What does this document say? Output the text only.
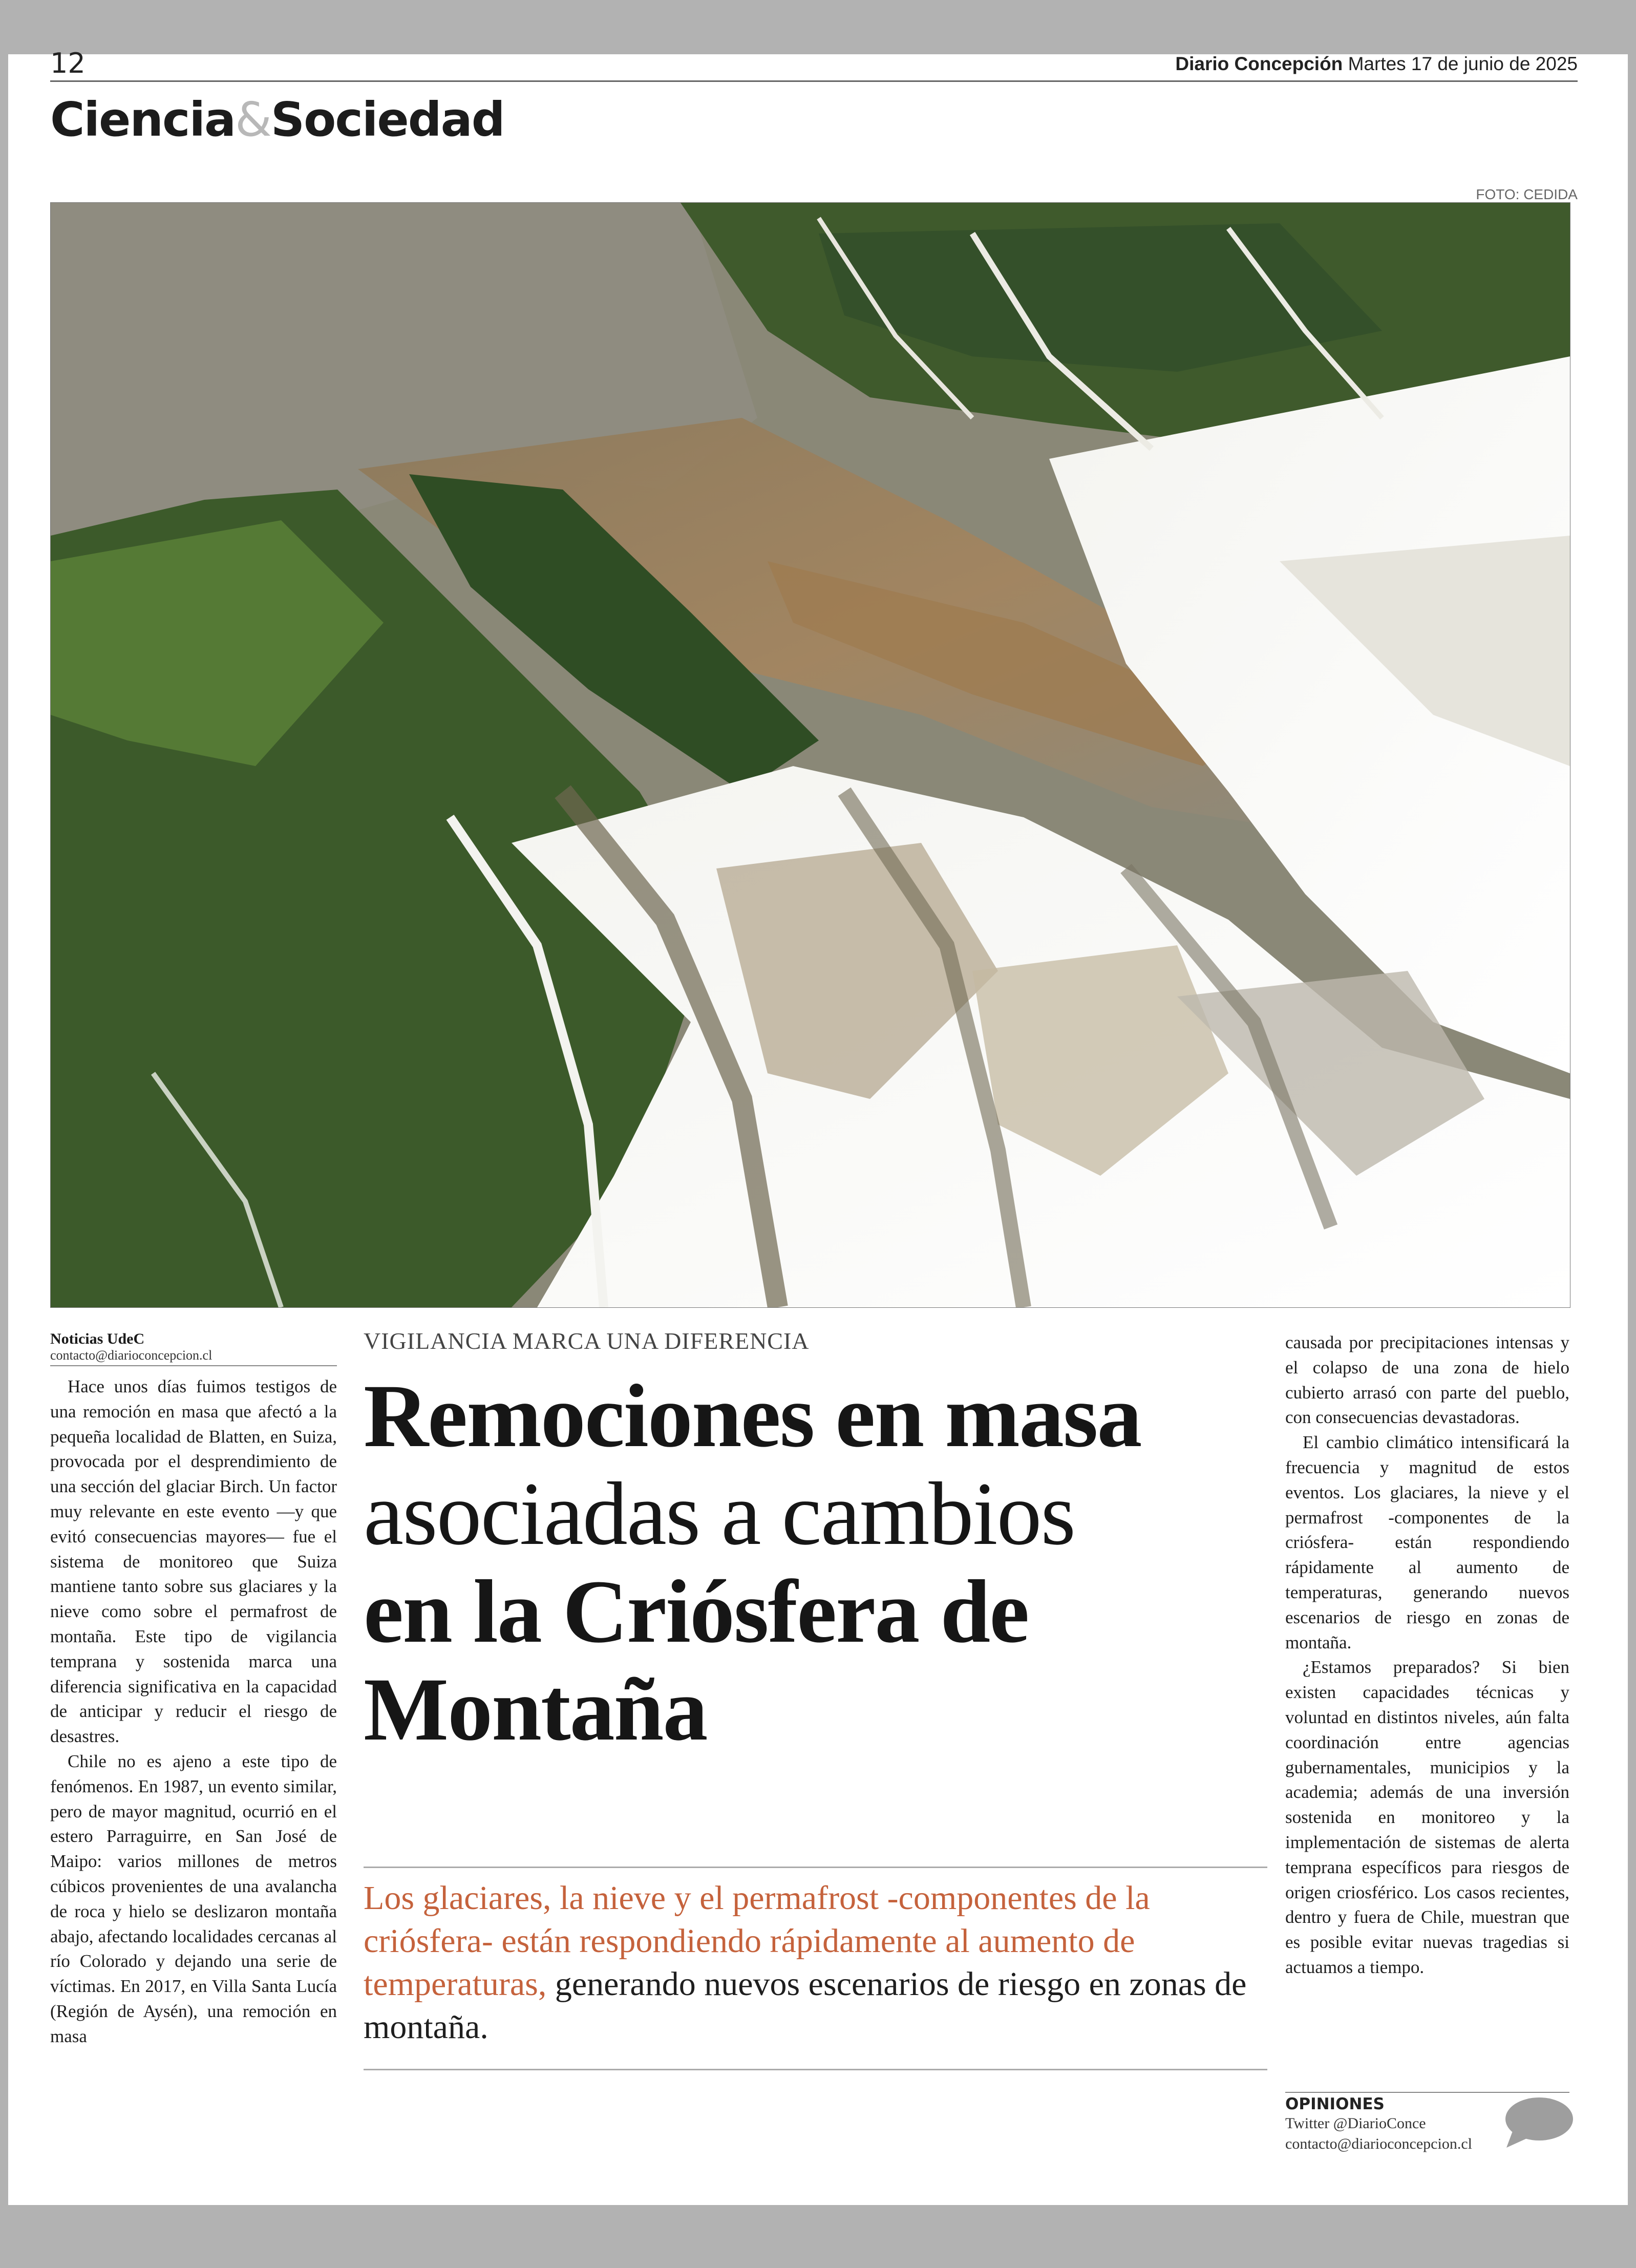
12	Diario Concepción Martes 17 de junio de 2025
Ciencia&Sociedad
FOTO: CEDIDA
Noticias UdeC
contacto@diarioconcepcion.cl

Hace unos días fuimos testigos de una remoción en masa que afectó a la pequeña localidad de Blatten, en Suiza, provocada por el desprendimiento de una sección del glaciar Birch. Un factor muy relevante en este evento —y que evitó consecuencias mayores— fue el sistema de monitoreo que Suiza mantiene tanto sobre sus glaciares y la nieve como sobre el permafrost de montaña. Este tipo de vigilancia temprana y sostenida marca una diferencia significativa en la capacidad de anticipar y reducir el riesgo de desastres.

Chile no es ajeno a este tipo de fenómenos. En 1987, un evento similar, pero de mayor magnitud, ocurrió en el estero Parraguirre, en San José de Maipo: varios millones de metros cúbicos provenientes de una avalancha de roca y hielo se deslizaron montaña abajo, afectando localidades cercanas al río Colorado y dejando una serie de víctimas. En 2017, en Villa Santa Lucía (Región de Aysén), una remoción en masa

VIGILANCIA MARCA UNA DIFERENCIA
Remociones en masa
asociadas a cambios
en la Criósfera de
Montaña
Los glaciares, la nieve y el permafrost -componentes de la criósfera- están respondiendo rápidamente al aumento de temperaturas, generando nuevos escenarios de riesgo en zonas de montaña.

causada por precipitaciones intensas y el colapso de una zona de hielo cubierto arrasó con parte del pueblo, con consecuencias devastadoras.

El cambio climático intensificará la frecuencia y magnitud de estos eventos. Los glaciares, la nieve y el permafrost -componentes de la criósfera- están respondiendo rápidamente al aumento de temperaturas, generando nuevos escenarios de riesgo en zonas de montaña.

¿Estamos preparados? Si bien existen capacidades técnicas y voluntad en distintos niveles, aún falta coordinación entre agencias gubernamentales, municipios y la academia; además de una inversión sostenida en monitoreo y la implementación de sistemas de alerta temprana específicos para riesgos de origen criosférico. Los casos recientes, dentro y fuera de Chile, muestran que es posible evitar nuevas tragedias si actuamos a tiempo.

OPINIONES
Twitter @DiarioConce
contacto@diarioconcepcion.cl
